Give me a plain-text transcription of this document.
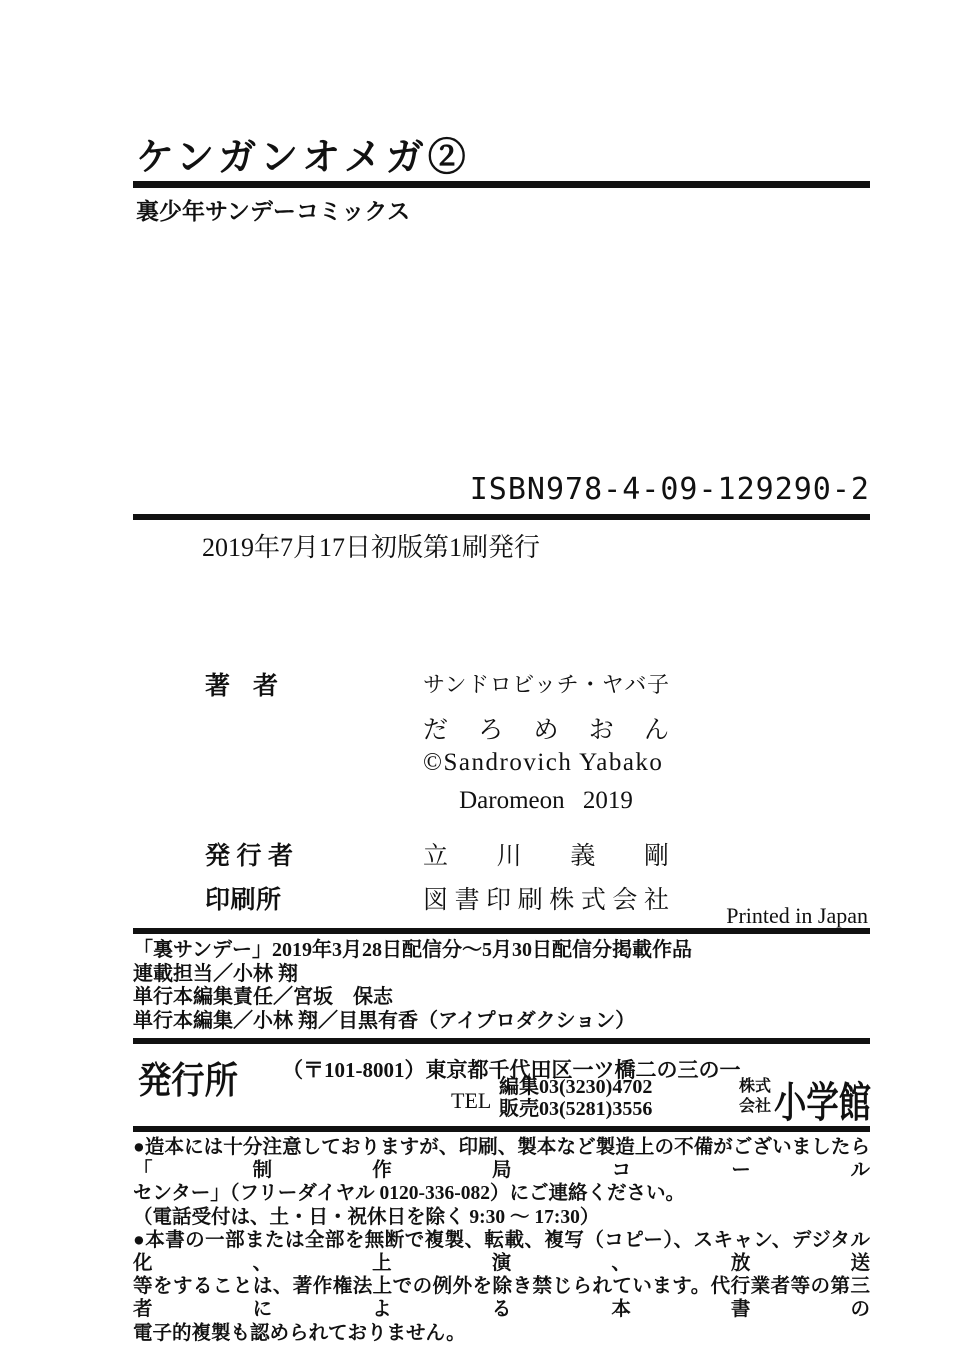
ケンガンオメガ②
裏少年サンデーコミックス
ISBN978-4-09-129290-2
2019年7月17日初版第1刷発行
著者	サンドロビッチ・ヤバ子
だろめおん
©Sandrovich Yabako
Daromeon 2019
発行者	立川義剛
印刷所	図書印刷株式会社
Printed in Japan
「裏サンデー」2019年3月28日配信分～5月30日配信分掲載作品
連載担当／小林 翔
単行本編集責任／宮坂　保志
単行本編集／小林 翔／目黒有香（アイプロダクション）
発行所 （〒101-8001）東京都千代田区一ツ橋二の三の一
TEL
編集03(3230)4702
販売03(5281)3556
株式
会社 小学館
●造本には十分注意しておりますが、印刷、製本など製造上の不備がございましたら「制作局コール
センター」（フリーダイヤル 0120-336-082）にご連絡ください。
（電話受付は、土・日・祝休日を除く 9:30 ～ 17:30）
●本書の一部または全部を無断で複製、転載、複写（コピー）、スキャン、デジタル化、上演、放送
等をすることは、著作権法上での例外を除き禁じられています。代行業者等の第三者による本書の
電子的複製も認められておりません。
